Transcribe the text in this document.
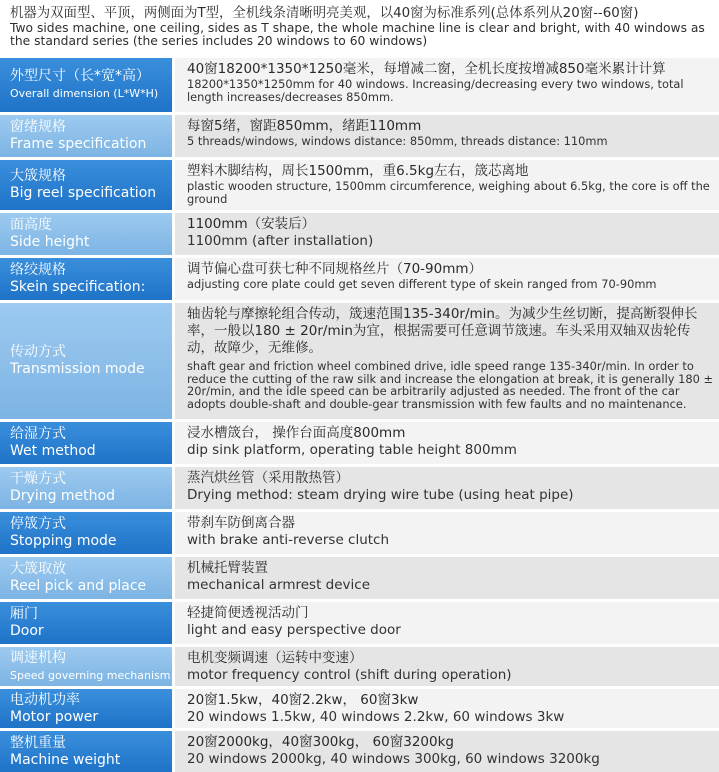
机器为双面型、平顶，两侧面为T型，全机线条清晰明亮美观，以40窗为标准系列(总体系列从20窗--60窗)
Two sides machine, one ceiling, sides as T shape, the whole machine line is clear and bright, with 40 windows as the standard series (the series includes 20 windows to 60 windows)
外型尺寸（长*宽*高）
Overall dimension (L*W*H)
40窗18200*1350*1250毫米，每增减二窗，全机长度按增减850毫米累计计算
18200*1350*1250mm for 40 windows. Increasing/decreasing every two windows, total length increases/decreases 850mm.
窗绪规格
Frame specification
每窗5绪，窗距850mm，绪距110mm
5 threads/windows, windows distance: 850mm, threads distance: 110mm
大筬规格
Big reel specification
塑料木脚结构，周长1500mm，重6.5kg左右，筬芯离地
plastic wooden structure, 1500mm circumference, weighing about 6.5kg, the core is off the ground
面高度
Side height
1100mm（安装后）
1100mm (after installation)
络绞规格
Skein specification:
调节偏心盘可获七种不同规格丝片（70-90mm）
adjusting core plate could get seven different type of skein ranged from 70-90mm
传动方式
Transmission mode
轴齿轮与摩擦轮组合传动，筬速范围135-340r/min。为减少生丝切断，提高断裂伸长率，一般以180 ± 20r/min为宜，根据需要可任意调节筬速。车头采用双轴双齿轮传动，故障少，无维修。
shaft gear and friction wheel combined drive, idle speed range 135-340r/min. In order to reduce the cutting of the raw silk and increase the elongation at break, it is generally 180 ± 20r/min, and the idle speed can be arbitrarily adjusted as needed. The front of the car adopts double-shaft and double-gear transmission with few faults and no maintenance.
给湿方式
Wet method
浸水槽筬台， 操作台面高度800mm
dip sink platform, operating table height 800mm
干燥方式
Drying method
蒸汽烘丝管（采用散热管）
Drying method: steam drying wire tube (using heat pipe)
停筬方式
Stopping mode
带刹车防倒离合器
with brake anti-reverse clutch
大筬取放
Reel pick and place
机械托臂装置
mechanical armrest device
厢门
Door
轻捷简便透视活动门
light and easy perspective door
调速机构
Speed governing mechanism
电机变频调速（运转中变速）
motor frequency control (shift during operation)
电动机功率
Motor power
20窗1.5kw，40窗2.2kw， 60窗3kw
20 windows 1.5kw, 40 windows 2.2kw, 60 windows 3kw
整机重量
Machine weight
20窗2000kg，40窗300kg， 60窗3200kg
20 windows 2000kg, 40 windows 300kg, 60 windows 3200kg
